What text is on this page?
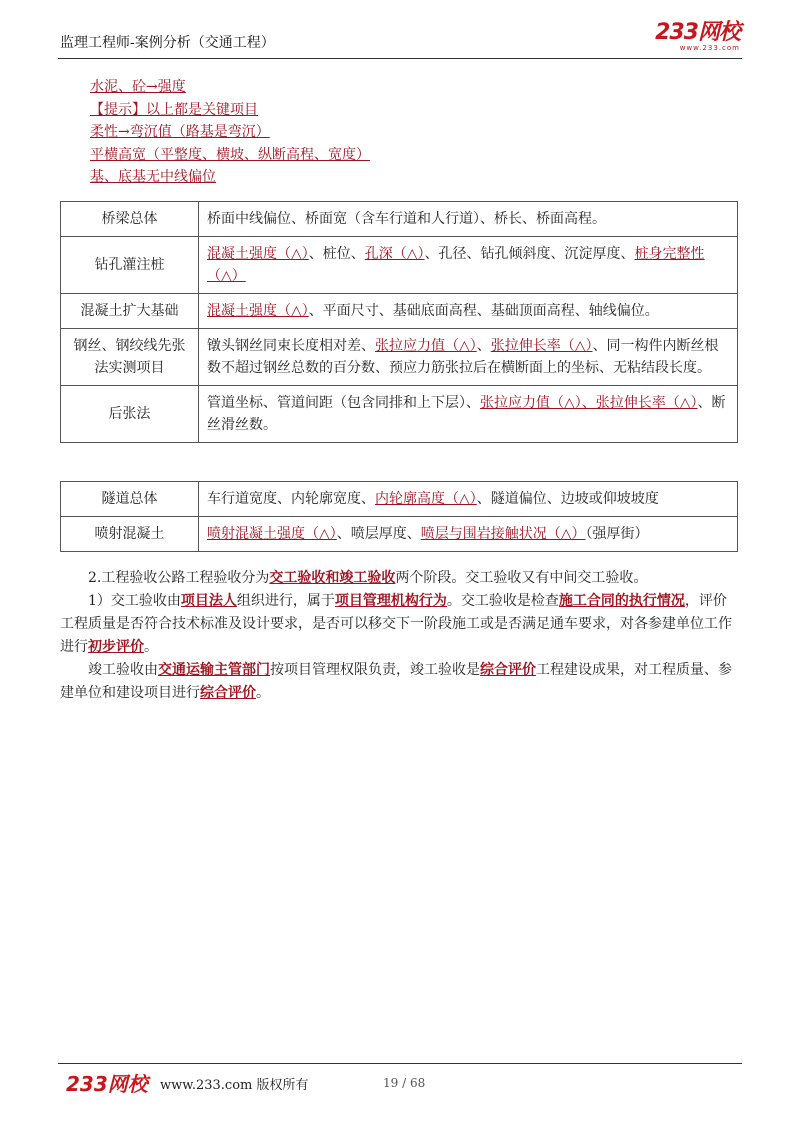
监理工程师-案例分析（交通工程）	233网校
www.233.com
水泥、砼→强度
【提示】以上都是关键项目
柔性→弯沉值（路基是弯沉）
平横高宽（平整度、横坡、纵断高程、宽度）
基、底基无中线偏位
桥梁总体	桥面中线偏位、桥面宽（含车行道和人行道）、桥长、桥面高程。
钻孔灌注桩	混凝土强度（△）、桩位、孔深（△）、孔径、钻孔倾斜度、沉淀厚度、桩身完整性（△）
混凝土扩大基础	混凝土强度（△）、平面尺寸、基础底面高程、基础顶面高程、轴线偏位。
钢丝、钢绞线先张法实测项目	镦头钢丝同束长度相对差、张拉应力值（△）、张拉伸长率（△）、同一构件内断丝根数不超过钢丝总数的百分数、预应力筋张拉后在横断面上的坐标、无粘结段长度。
后张法	管道坐标、管道间距（包含同排和上下层）、张拉应力值（△）、张拉伸长率（△）、断丝滑丝数。
隧道总体	车行道宽度、内轮廓宽度、内轮廓高度（△）、隧道偏位、边坡或仰坡坡度
喷射混凝土	喷射混凝土强度（△）、喷层厚度、喷层与围岩接触状况（△）（强厚街）
2.工程验收公路工程验收分为交工验收和竣工验收两个阶段。交工验收又有中间交工验收。
1）交工验收由项目法人组织进行，属于项目管理机构行为。交工验收是检查施工合同的执行情况，评价工程质量是否符合技术标准及设计要求，是否可以移交下一阶段施工或是否满足通车要求，对各参建单位工作进行初步评价。
竣工验收由交通运输主管部门按项目管理权限负责，竣工验收是综合评价工程建设成果，对工程质量、参建单位和建设项目进行综合评价。
233网校 www.233.com 版权所有	19 / 68
